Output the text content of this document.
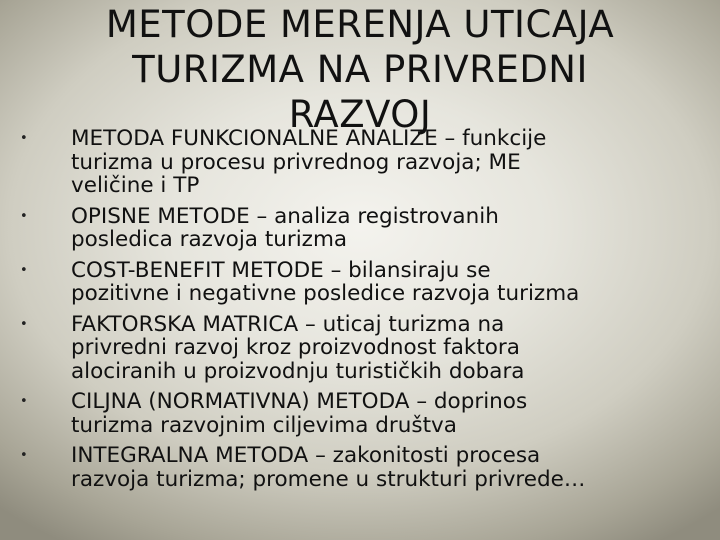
METODE MERENJA UTICAJA
TURIZMA NA PRIVREDNI
RAZVOJ
•	METODA FUNKCIONALNE ANALIZE – funkcije
turizma u procesu privrednog razvoja; ME
veličine i TP
•	OPISNE METODE – analiza registrovanih
posledica razvoja turizma
•	COST-BENEFIT METODE – bilansiraju se
pozitivne i negativne posledice razvoja turizma
•	FAKTORSKA MATRICA – uticaj turizma na
privredni razvoj kroz proizvodnost faktora
alociranih u proizvodnju turističkih dobara
•	CILJNA (NORMATIVNA) METODA – doprinos
turizma razvojnim ciljevima društva
•	INTEGRALNA METODA – zakonitosti procesa
razvoja turizma; promene u strukturi privrede…
